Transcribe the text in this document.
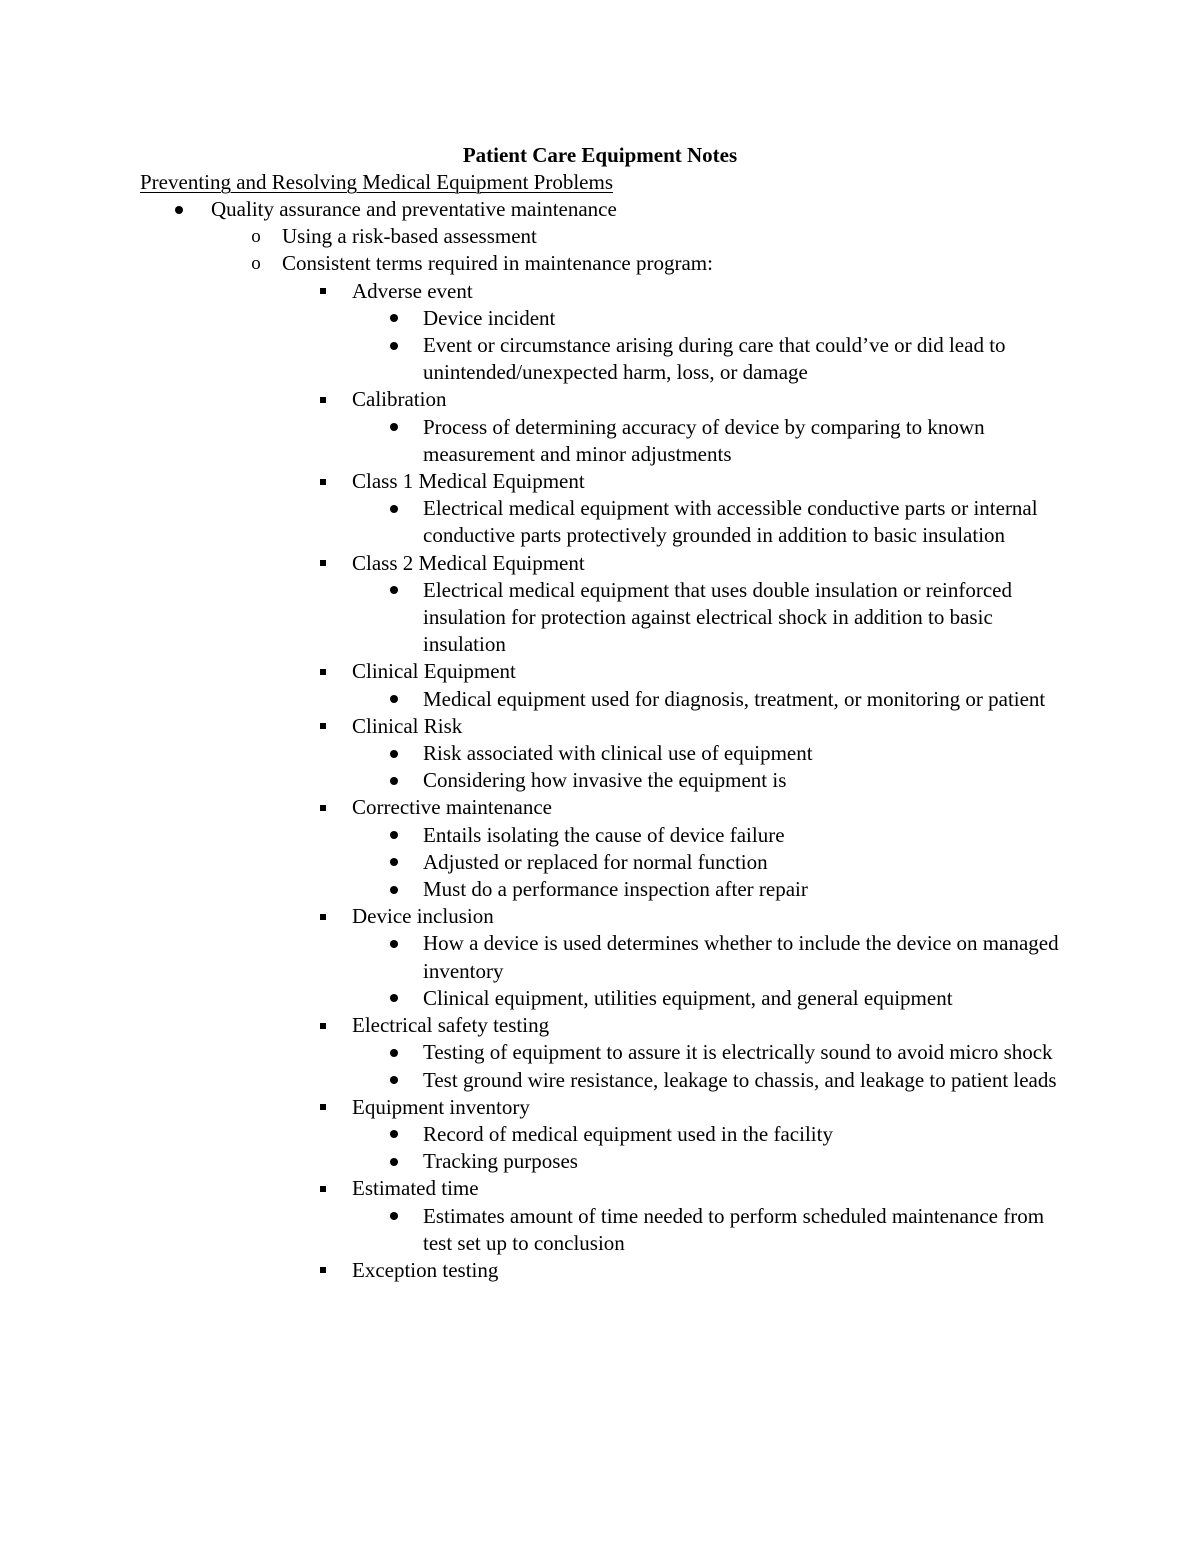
Patient Care Equipment Notes
Preventing and Resolving Medical Equipment Problems
Quality assurance and preventative maintenance
o Using a risk-based assessment
o Consistent terms required in maintenance program:
Adverse event
Device incident
Event or circumstance arising during care that could’ve or did lead to unintended/unexpected harm, loss, or damage
Calibration
Process of determining accuracy of device by comparing to known measurement and minor adjustments
Class 1 Medical Equipment
Electrical medical equipment with accessible conductive parts or internal conductive parts protectively grounded in addition to basic insulation
Class 2 Medical Equipment
Electrical medical equipment that uses double insulation or reinforced insulation for protection against electrical shock in addition to basic insulation
Clinical Equipment
Medical equipment used for diagnosis, treatment, or monitoring or patient
Clinical Risk
Risk associated with clinical use of equipment
Considering how invasive the equipment is
Corrective maintenance
Entails isolating the cause of device failure
Adjusted or replaced for normal function
Must do a performance inspection after repair
Device inclusion
How a device is used determines whether to include the device on managed inventory
Clinical equipment, utilities equipment, and general equipment
Electrical safety testing
Testing of equipment to assure it is electrically sound to avoid micro shock
Test ground wire resistance, leakage to chassis, and leakage to patient leads
Equipment inventory
Record of medical equipment used in the facility
Tracking purposes
Estimated time
Estimates amount of time needed to perform scheduled maintenance from test set up to conclusion
Exception testing
